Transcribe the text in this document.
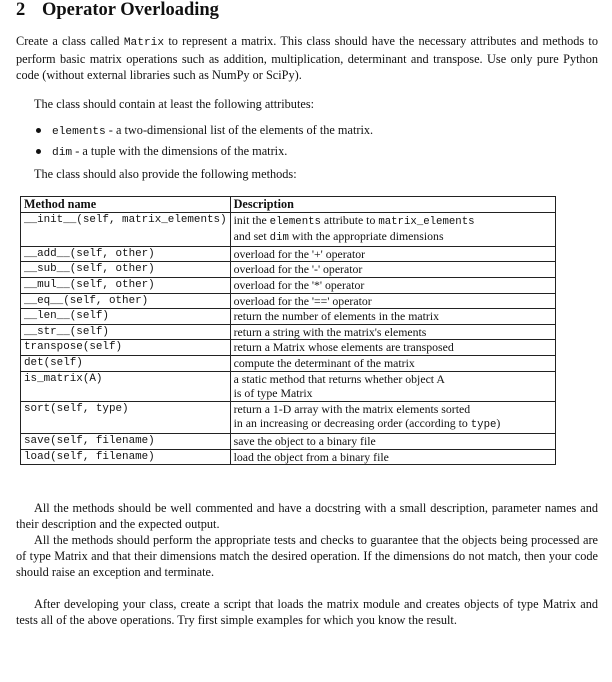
2 Operator Overloading

Create a class called Matrix to represent a matrix. This class should have the necessary attributes and methods to perform basic matrix operations such as addition, multiplication, determinant and transpose. Use only pure Python code (without external libraries such as NumPy or SciPy).

The class should contain at least the following attributes:

elements - a two-dimensional list of the elements of the matrix.
dim - a tuple with the dimensions of the matrix.

The class should also provide the following methods:

Method name	Description
__init__(self, matrix_elements)	init the elements attribute to matrix_elements
and set dim with the appropriate dimensions

__add__(self, other)	overload for the '+' operator

__sub__(self, other)	overload for the '-' operator

__mul__(self, other)	overload for the '*' operator

__eq__(self, other)	overload for the '==' operator

__len__(self)	return the number of elements in the matrix

__str__(self)	return a string with the matrix's elements

transpose(self)	return a Matrix whose elements are transposed

det(self)	compute the determinant of the matrix

is_matrix(A)	a static method that returns whether object A
is of type Matrix

sort(self, type)	return a 1-D array with the matrix elements sorted
in an increasing or decreasing order (according to type)

save(self, filename)	save the object to a binary file

load(self, filename)	load the object from a binary file

All the methods should be well commented and have a docstring with a small description, parameter names and their description and the expected output.

All the methods should perform the appropriate tests and checks to guarantee that the objects being processed are of type Matrix and that their dimensions match the desired operation. If the dimensions do not match, then your code should raise an exception and terminate.

After developing your class, create a script that loads the matrix module and creates objects of type Matrix and tests all of the above operations. Try first simple examples for which you know the result.
